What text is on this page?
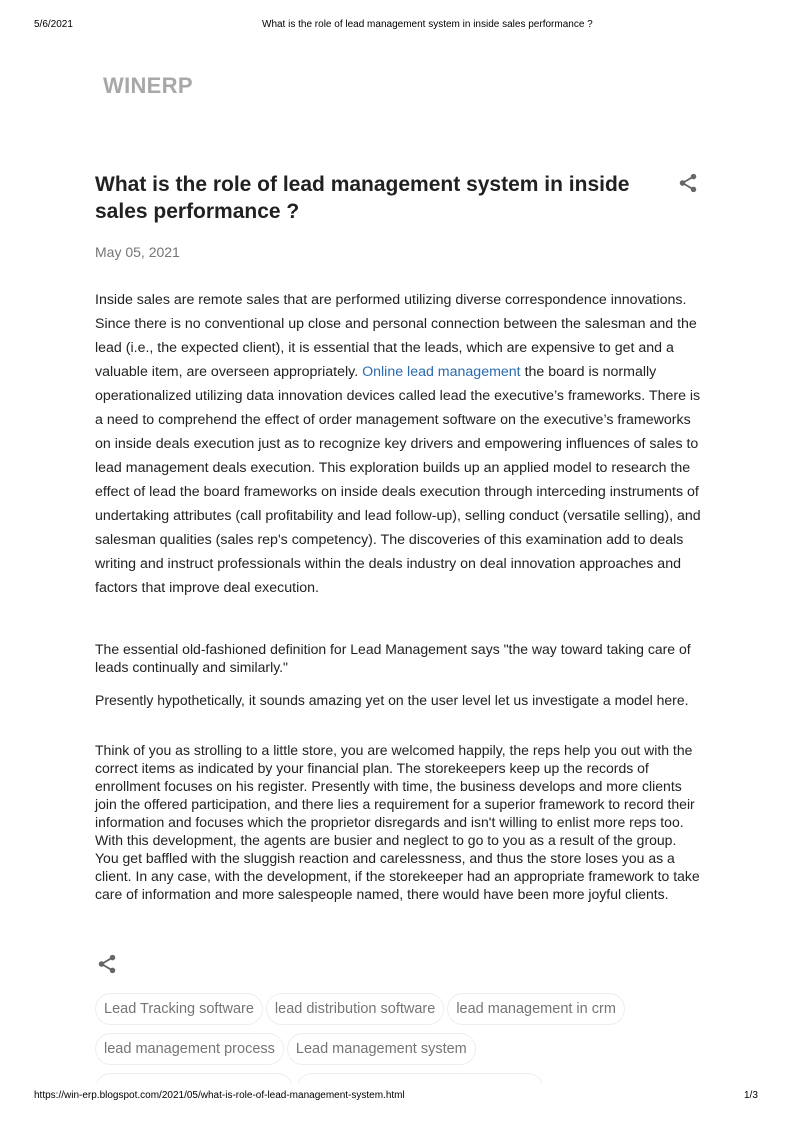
5/6/2021	What is the role of lead management system in inside sales performance ?
WINERP
What is the role of lead management system in inside sales performance ?
May 05, 2021

Inside sales are remote sales that are performed utilizing diverse correspondence innovations. Since there is no conventional up close and personal connection between the salesman and the lead (i.e., the expected client), it is essential that the leads, which are expensive to get and a valuable item, are overseen appropriately. Online lead management the board is normally operationalized utilizing data innovation devices called lead the executive’s frameworks. There is a need to comprehend the effect of order management software on the executive’s frameworks on inside deals execution just as to recognize key drivers and empowering influences of sales to lead management deals execution. This exploration builds up an applied model to research the effect of lead the board frameworks on inside deals execution through interceding instruments of undertaking attributes (call profitability and lead follow-up), selling conduct (versatile selling), and salesman qualities (sales rep's competency). The discoveries of this examination add to deals writing and instruct professionals within the deals industry on deal innovation approaches and factors that improve deal execution.

The essential old-fashioned definition for Lead Management says "the way toward taking care of leads continually and similarly."

Presently hypothetically, it sounds amazing yet on the user level let us investigate a model here.

Think of you as strolling to a little store, you are welcomed happily, the reps help you out with the correct items as indicated by your financial plan. The storekeepers keep up the records of enrollment focuses on his register. Presently with time, the business develops and more clients join the offered participation, and there lies a requirement for a superior framework to record their information and focuses which the proprietor disregards and isn't willing to enlist more reps too. With this development, the agents are busier and neglect to go to you as a result of the group. You get baffled with the sluggish reaction and carelessness, and thus the store loses you as a client. In any case, with the development, if the storekeeper had an appropriate framework to take care of information and more salespeople named, there would have been more joyful clients.

Lead Tracking software lead distribution software lead management in crm
lead management process Lead management system

https://win-erp.blogspot.com/2021/05/what-is-role-of-lead-management-system.html	1/3
